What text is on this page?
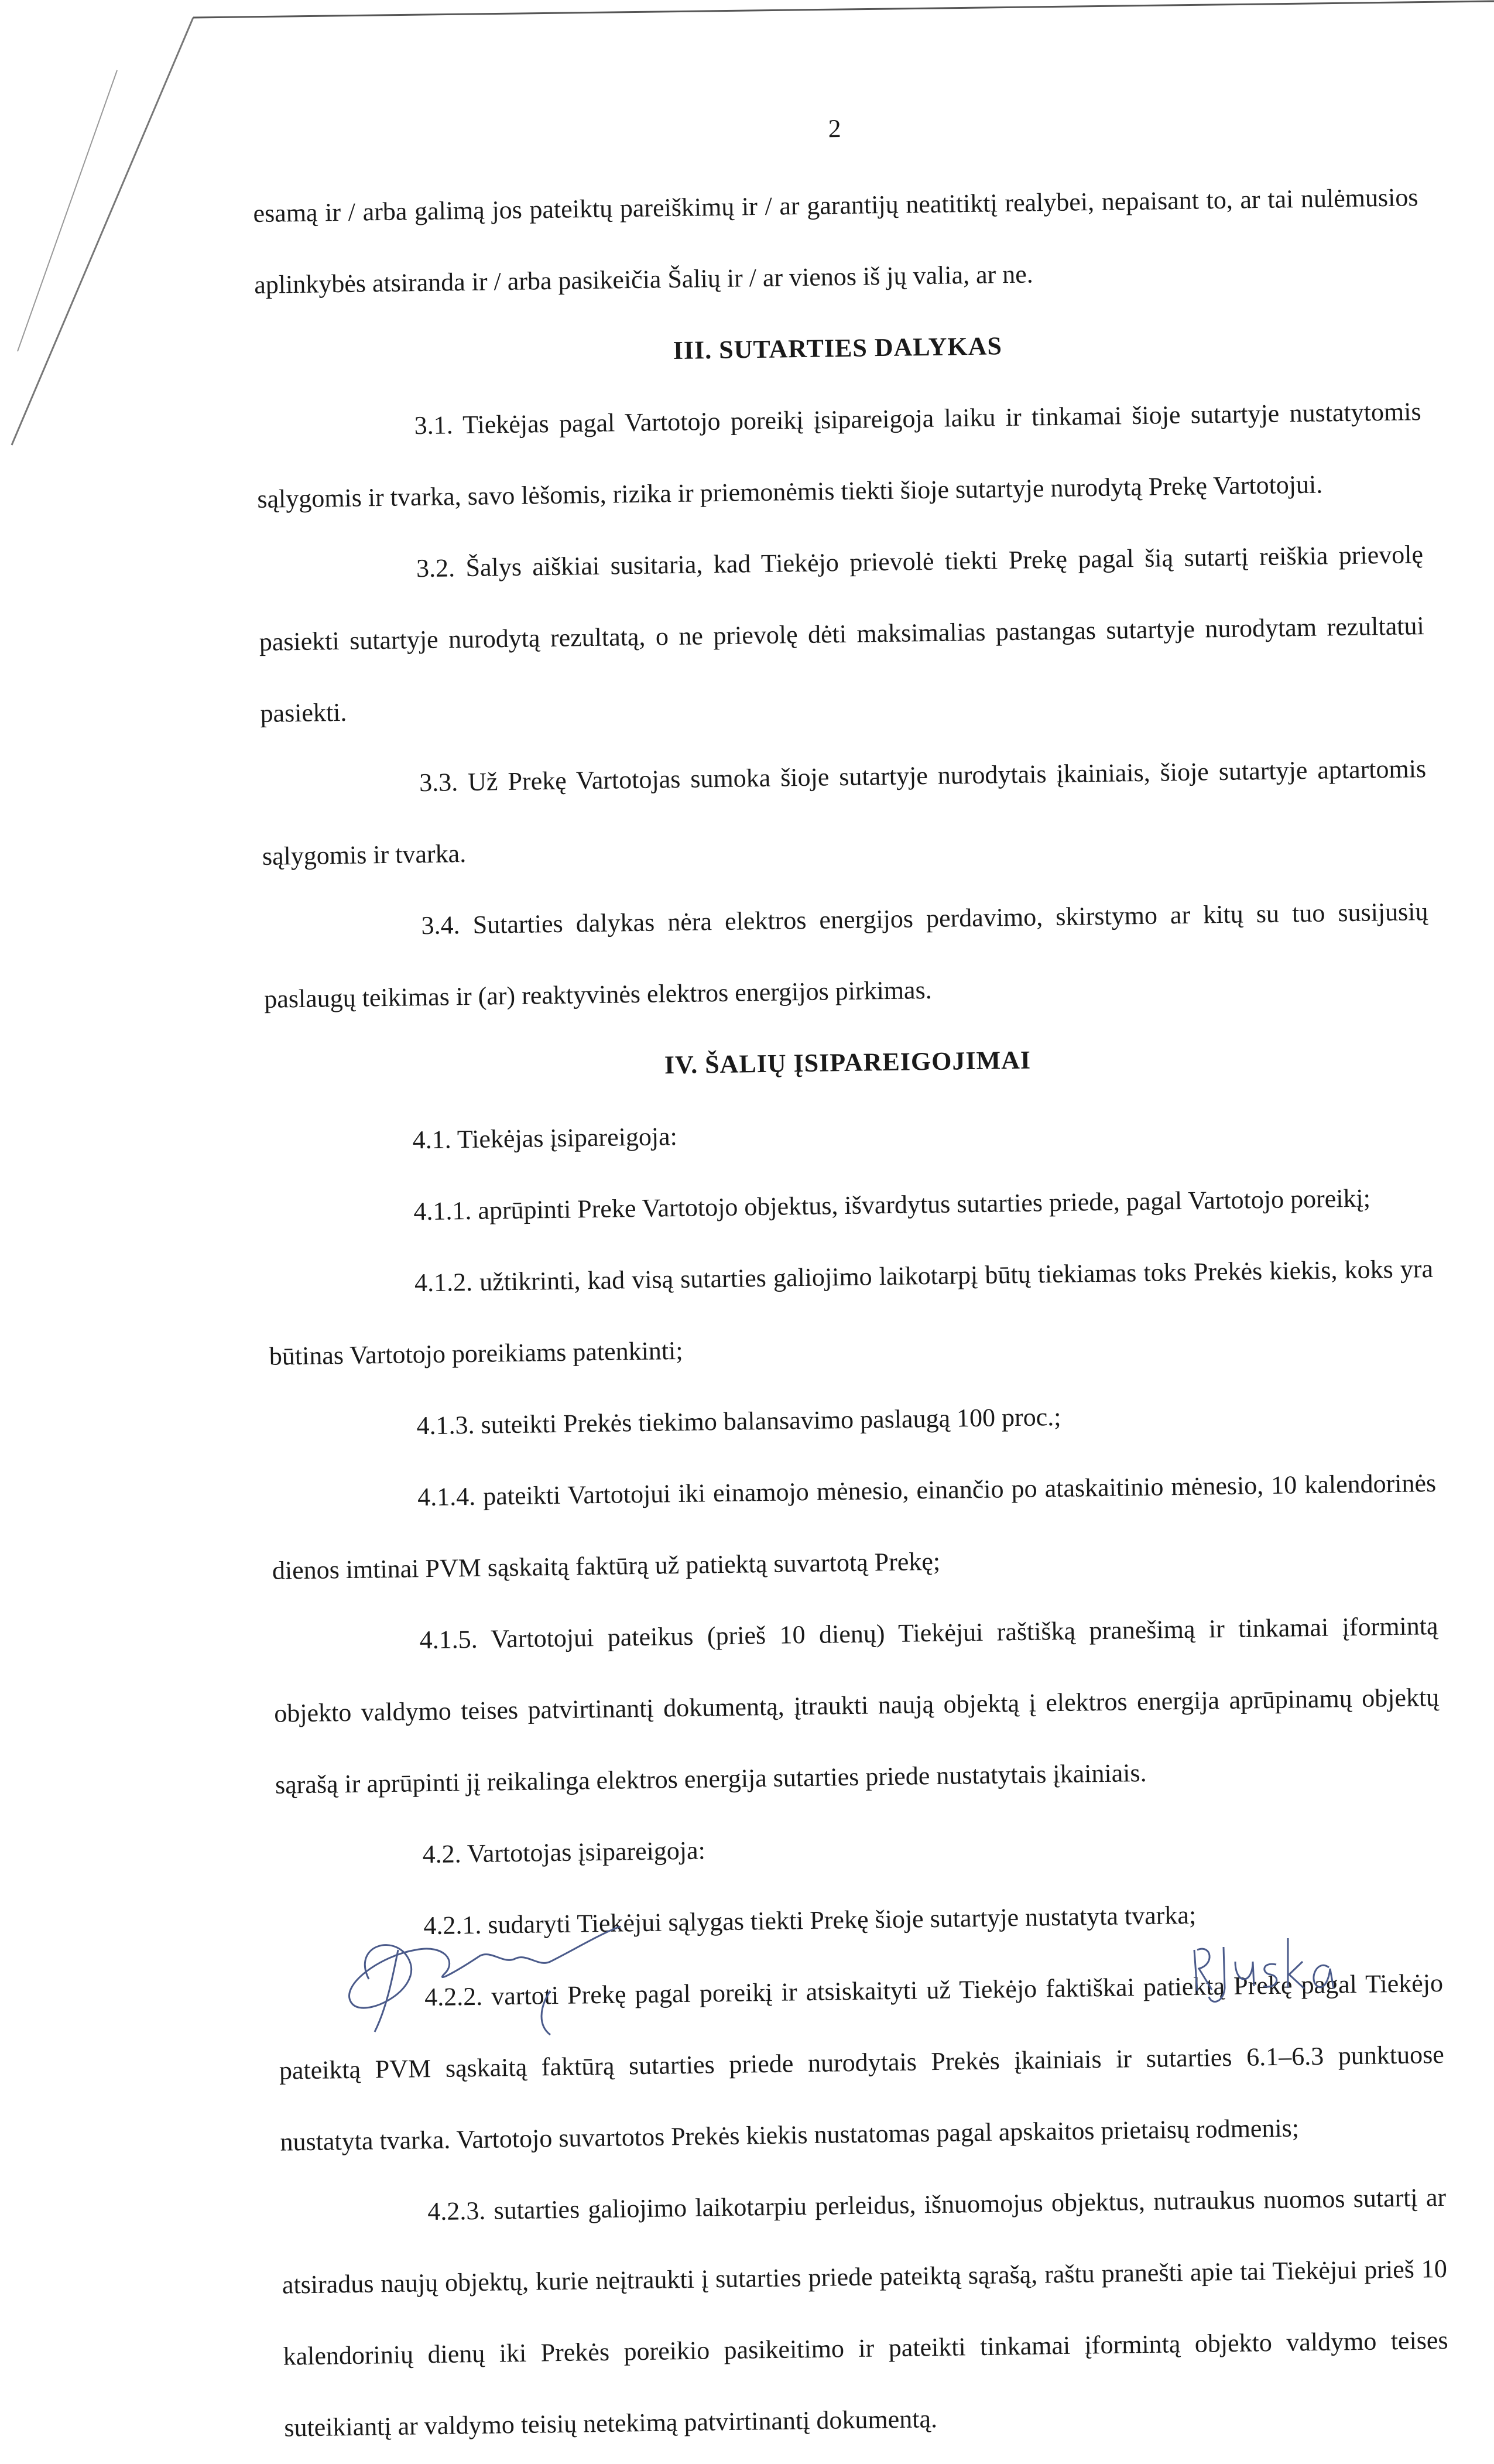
2

esamą ir / arba galimą jos pateiktų pareiškimų ir / ar garantijų neatitiktį realybei, nepaisant to, ar tai nulėmusios aplinkybės atsiranda ir / arba pasikeičia Šalių ir / ar vienos iš jų valia, ar ne.

III. SUTARTIES DALYKAS

3.1. Tiekėjas pagal Vartotojo poreikį įsipareigoja laiku ir tinkamai šioje sutartyje nustatytomis sąlygomis ir tvarka, savo lėšomis, rizika ir priemonėmis tiekti šioje sutartyje nurodytą Prekę Vartotojui.

3.2. Šalys aiškiai susitaria, kad Tiekėjo prievolė tiekti Prekę pagal šią sutartį reiškia prievolę pasiekti sutartyje nurodytą rezultatą, o ne prievolę dėti maksimalias pastangas sutartyje nurodytam rezultatui pasiekti.

3.3. Už Prekę Vartotojas sumoka šioje sutartyje nurodytais įkainiais, šioje sutartyje aptartomis sąlygomis ir tvarka.

3.4. Sutarties dalykas nėra elektros energijos perdavimo, skirstymo ar kitų su tuo susijusių paslaugų teikimas ir (ar) reaktyvinės elektros energijos pirkimas.

IV. ŠALIŲ ĮSIPAREIGOJIMAI

4.1. Tiekėjas įsipareigoja:

4.1.1. aprūpinti Preke Vartotojo objektus, išvardytus sutarties priede, pagal Vartotojo poreikį;

4.1.2. užtikrinti, kad visą sutarties galiojimo laikotarpį būtų tiekiamas toks Prekės kiekis, koks yra būtinas Vartotojo poreikiams patenkinti;

4.1.3. suteikti Prekės tiekimo balansavimo paslaugą 100 proc.;

4.1.4. pateikti Vartotojui iki einamojo mėnesio, einančio po ataskaitinio mėnesio, 10 kalendorinės dienos imtinai PVM sąskaitą faktūrą už patiektą suvartotą Prekę;

4.1.5. Vartotojui pateikus (prieš 10 dienų) Tiekėjui raštišką pranešimą ir tinkamai įformintą objekto valdymo teises patvirtinantį dokumentą, įtraukti naują objektą į elektros energija aprūpinamų objektų sąrašą ir aprūpinti jį reikalinga elektros energija sutarties priede nustatytais įkainiais.

4.2. Vartotojas įsipareigoja:

4.2.1. sudaryti Tiekėjui sąlygas tiekti Prekę šioje sutartyje nustatyta tvarka;

4.2.2. vartoti Prekę pagal poreikį ir atsiskaityti už Tiekėjo faktiškai patiektą Prekę pagal Tiekėjo pateiktą PVM sąskaitą faktūrą sutarties priede nurodytais Prekės įkainiais ir sutarties 6.1–6.3 punktuose nustatyta tvarka. Vartotojo suvartotos Prekės kiekis nustatomas pagal apskaitos prietaisų rodmenis;

4.2.3. sutarties galiojimo laikotarpiu perleidus, išnuomojus objektus, nutraukus nuomos sutartį ar atsiradus naujų objektų, kurie neįtraukti į sutarties priede pateiktą sąrašą, raštu pranešti apie tai Tiekėjui prieš 10 kalendorinių dienų iki Prekės poreikio pasikeitimo ir pateikti tinkamai įformintą objekto valdymo teises suteikiantį ar valdymo teisių netekimą patvirtinantį dokumentą.
